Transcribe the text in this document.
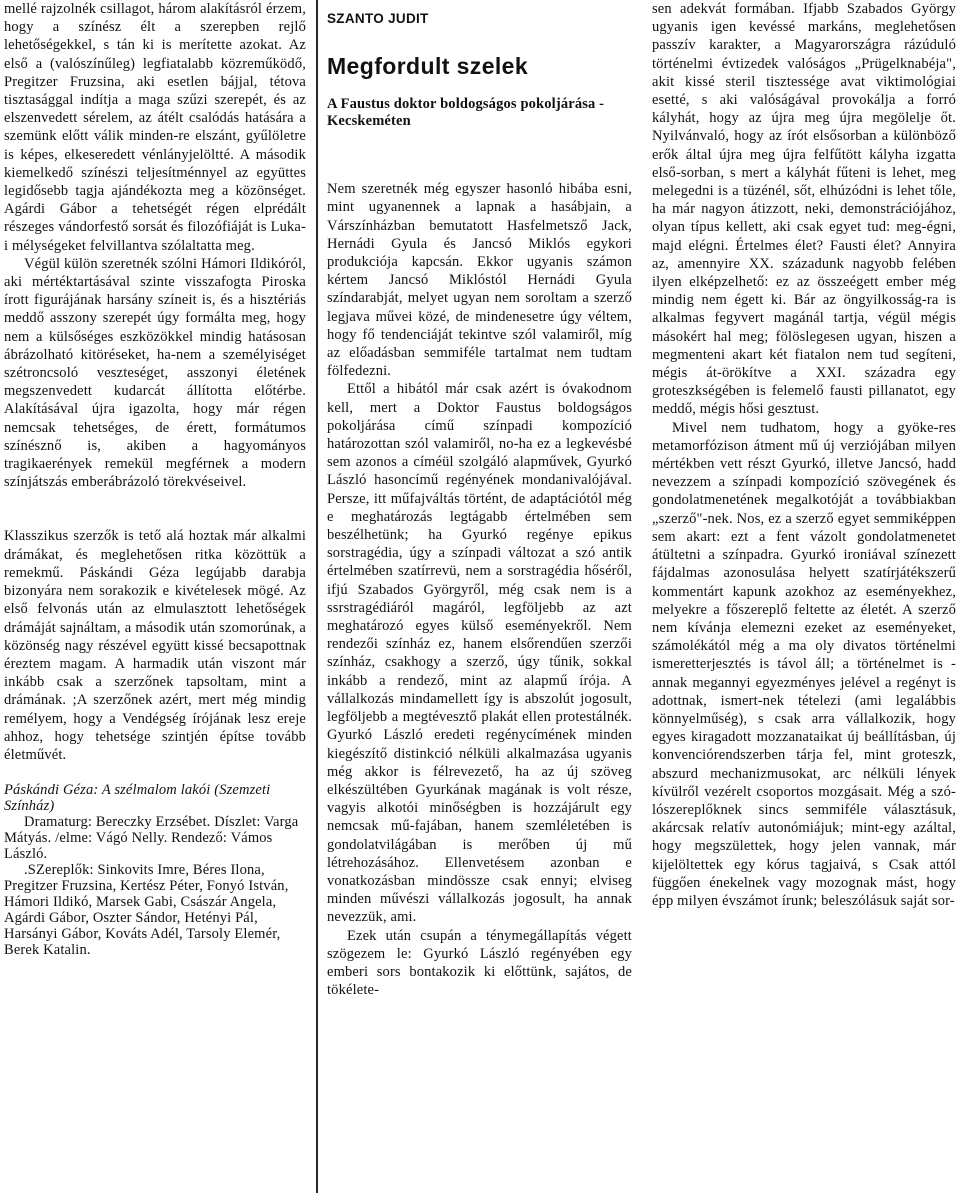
mellé rajzolnék csillagot, három alakításról érzem, hogy a színész élt a szerepben rejlő lehetőségekkel, s tán ki is merítette azokat. Az első a (valószínűleg) legfiatalabb közreműködő, Pregitzer Fruzsina, aki esetlen bájjal, tétova tisztasággal indítja a maga szűzi szerepét, és az elszenvedett sérelem, az átélt csalódás hatására a szemünk előtt válik minden-re elszánt, gyűlöletre is képes, elkeseredett vénlányjelöltté. A második kiemelkedő színészi teljesítménnyel az együttes legidősebb tagja ajándékozta meg a közönséget. Agárdi Gábor a tehetségét régen elprédált részeges vándorfestő sorsát és filozófiáját is Luka-i mélységeket felvillantva szólaltatta meg.

Végül külön szeretnék szólni Hámori Ildikóról, aki mértéktartásával szinte visszafogta Piroska írott figurájának harsány színeit is, és a hisztériás meddő asszony szerepét úgy formálta meg, hogy nem a külsőséges eszközökkel mindig hatásosan ábrázolható kitöréseket, ha-nem a személyiséget szétroncsoló veszteséget, asszonyi életének megszenvedett kudarcát állította előtérbe. Alakításával újra igazolta, hogy már régen nemcsak tehetséges, de érett, formátumos színésznő is, akiben a hagyományos tragikaerények remekül megférnek a modern színjátszás emberábrázoló törekvéseivel.

Klasszikus szerzők is tető alá hoztak már alkalmi drámákat, és meglehetősen ritka közöttük a remekmű. Páskándi Géza legújabb darabja bizonyára nem sorakozik e kivételesek mögé. Az első felvonás után az elmulasztott lehetőségek drámáját sajnáltam, a második után szomorúnak, a közönség nagy részével együtt kissé becsapottnak éreztem magam. A harmadik után viszont már inkább csak a szerzőnek tapsoltam, mint a drámának. ;A szerzőnek azért, mert még mindig remélyem, hogy a Vendégség írójának lesz ereje ahhoz, hogy tehetsége szintjén építse tovább életművét.

Páskándi Géza: A szélmalom lakói (Szemzeti Színház)

Dramaturg: Bereczky Erzsébet. Díszlet: Varga Mátyás. /elme: Vágó Nelly. Rendező: Vámos László.

.SZereplők: Sinkovits Imre, Béres Ilona, Pregitzer Fruzsina, Kertész Péter, Fonyó István, Hámori Ildikó, Marsek Gabi, Császár Angela, Agárdi Gábor, Oszter Sándor, Hetényi Pál, Harsányi Gábor, Kováts Adél, Tarsoly Elemér, Berek Katalin.

SZANTO JUDIT
Megfordult szelek
A Faustus doktor boldogságos pokoljárása - Kecskeméten

Nem szeretnék még egyszer hasonló hibába esni, mint ugyanennek a lapnak a hasábjain, a Várszínházban bemutatott Hasfelmetsző Jack, Hernádi Gyula és Jancsó Miklós egykori produkciója kapcsán. Ekkor ugyanis számon kértem Jancsó Miklóstól Hernádi Gyula színdarabját, melyet ugyan nem soroltam a szerző legjava művei közé, de mindenesetre úgy véltem, hogy fő tendenciáját tekintve szól valamiről, míg az előadásban semmiféle tartalmat nem tudtam fölfedezni.

Ettől a hibától már csak azért is óvakodnom kell, mert a Doktor Faustus boldogságos pokoljárása című színpadi kompozíció határozottan szól valamiről, no-ha ez a legkevésbé sem azonos a címéül szolgáló alapművek, Gyurkó László hasoncímű regényének mondanivalójával. Persze, itt műfajváltás történt, de adaptációtól még e meghatározás legtágabb értelmében sem beszélhetünk; ha Gyurkó regénye epikus sorstragédia, úgy a színpadi változat a szó antik értelmében szatírrevü, nem a sorstragédia hőséről, ifjú Szabados Györgyről, még csak nem is a ssrstragédiáról magáról, legföljebb az azt meghatározó egyes külső eseményekről. Nem rendezői színház ez, hanem elsőrendűen szerzői színház, csakhogy a szerző, úgy tűnik, sokkal inkább a rendező, mint az alapmű írója. A vállalkozás mindamellett így is abszolút jogosult, legföljebb a megtévesztő plakát ellen protestálnék. Gyurkó László eredeti regénycímének minden kiegészítő distinkció nélküli alkalmazása ugyanis még akkor is félrevezető, ha az új szöveg elkészültében Gyurkának magának is volt része, vagyis alkotói minőségben is hozzájárult egy nemcsak mű-fajában, hanem szemléletében is gondolatvilágában is merőben új mű létrehozásához. Ellenvetésem azonban e vonatkozásban mindössze csak ennyi; elviseg minden művészi vállalkozás jogosult, ha annak nevezzük, ami.

Ezek után csupán a ténymegállapítás végett szögezem le: Gyurkó László regényében egy emberi sors bontakozik ki előttünk, sajátos, de tökélete-

sen adekvát formában. Ifjabb Szabados György ugyanis igen kevéssé markáns, meglehetősen passzív karakter, a Magyarországra rázúduló történelmi évtizedek valóságos „Prügelknabéja", akit kissé steril tisztessége avat viktimológiai esetté, s aki valóságával provokálja a forró kályhát, hogy az újra meg újra megölelje őt. Nyilvánvaló, hogy az írót elsősorban a különböző erők által újra meg újra felfűtött kályha izgatta első-sorban, s mert a kályhát fűteni is lehet, meg melegedni is a tüzénél, sőt, elhúzódni is lehet tőle, ha már nagyon átizzott, neki, demonstrációjához, olyan típus kellett, aki csak egyet tud: meg-égni, majd elégni. Értelmes élet? Fausti élet? Annyira az, amennyire XX. századunk nagyobb felében ilyen elképzelhető: ez az összeégett ember még mindig nem égett ki. Bár az öngyilkosság-ra is alkalmas fegyvert magánál tartja, végül mégis másokért hal meg; fölöslegesen ugyan, hiszen a megmenteni akart két fiatalon nem tud segíteni, mégis át-örökítve a XXI. századra egy groteszkségében is felemelő fausti pillanatot, egy meddő, mégis hősi gesztust.

Mivel nem tudhatom, hogy a gyöke-res metamorfózison átment mű új verziójában milyen mértékben vett részt Gyurkó, illetve Jancsó, hadd nevezzem a színpadi kompozíció szövegének és gondolatmenetének megalkotóját a továbbiakban „szerző"-nek. Nos, ez a szerző egyet semmiképpen sem akart: ezt a fent vázolt gondolatmenetet átültetni a színpadra. Gyurkó ironiával színezett fájdalmas azonosulása helyett szatírjátékszerű kommentárt kapunk azokhoz az eseményekhez, melyekre a főszereplő feltette az életét. A szerző nem kívánja elemezni ezeket az eseményeket, számolékától még a ma oly divatos történelmi ismeretterjesztés is távol áll; a történelmet is - annak megannyi egyezményes jelével a regényt is adottnak, ismert-nek tételezi (ami legalábbis könnyelműség), s csak arra vállalkozik, hogy egyes kiragadott mozzanataikat új beállításban, új konvenciórendszerben tárja fel, mint groteszk, abszurd mechanizmusokat, arc nélküli lények kívülről vezérelt csoportos mozgásait. Még a szó-lószereplőknek sincs semmiféle választásuk, akárcsak relatív autonómiájuk; mint-egy azáltal, hogy megszülettek, hogy jelen vannak, már kijelöltettek egy kórus tagjaivá, s Csak attól függően énekelnek vagy mozognak mást, hogy épp milyen évszámot írunk; beleszólásuk saját sor-
